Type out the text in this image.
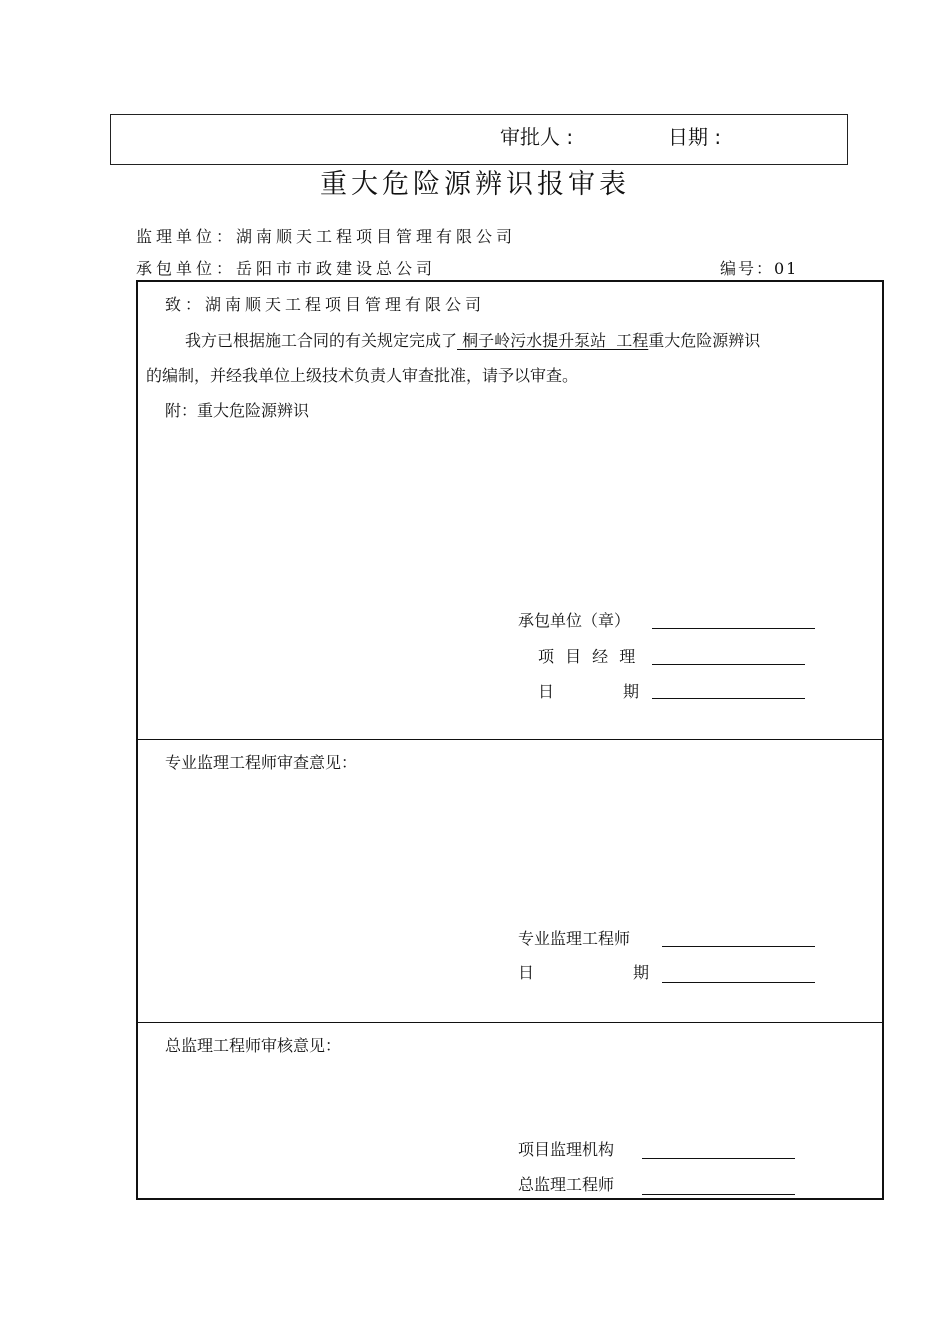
审批人 :	日期 :
重大危险源辨识报审表
监理单位：湖南顺天工程项目管理有限公司
承包单位：岳阳市市政建设总公司	编号：01
致：湖南顺天工程项目管理有限公司
我方已根据施工合同的有关规定完成了 桐子岭污水提升泵站  工程重大危险源辨识
的编制，并经我单位上级技术负责人审查批准，请予以审查。
附：重大危险源辨识
承包单位（章）
项 目 经 理
日	期
专业监理工程师审查意见：
专业监理工程师
日	期
总监理工程师审核意见：
项目监理机构
总监理工程师
